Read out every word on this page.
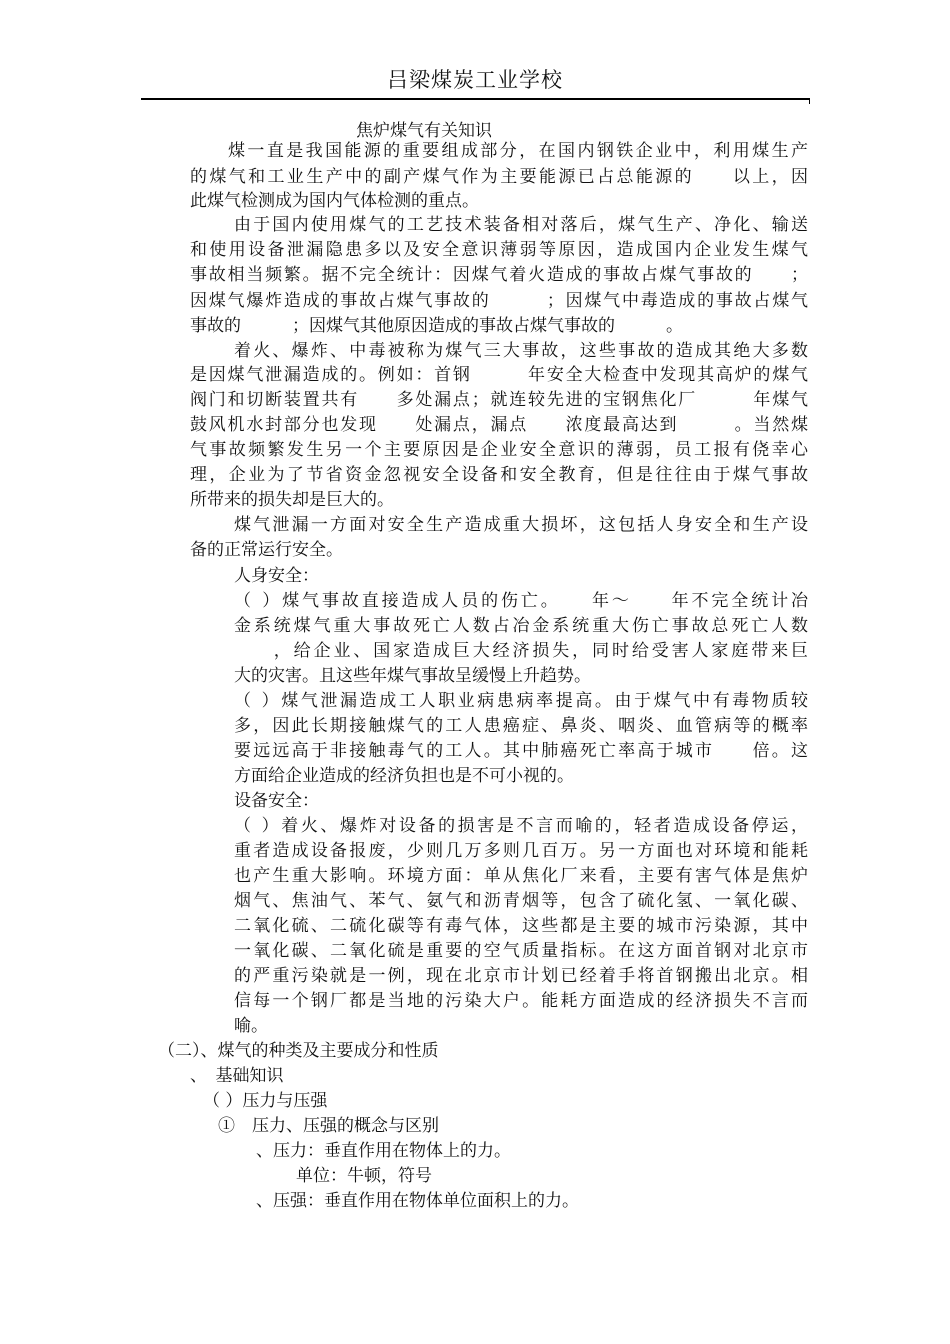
吕梁煤炭工业学校
焦炉煤气有关知识
煤一直是我国能源的重要组成部分，在国内钢铁企业中，利用煤生产
的煤气和工业生产中的副产煤气作为主要能源已占总能源的　　以上，因
此煤气检测成为国内气体检测的重点。
由于国内使用煤气的工艺技术装备相对落后，煤气生产、净化、输送
和使用设备泄漏隐患多以及安全意识薄弱等原因，造成国内企业发生煤气
事故相当频繁。据不完全统计：因煤气着火造成的事故占煤气事故的　　；
因煤气爆炸造成的事故占煤气事故的　　　；因煤气中毒造成的事故占煤气
事故的　　　；因煤气其他原因造成的事故占煤气事故的　　　。
着火、爆炸、中毒被称为煤气三大事故，这些事故的造成其绝大多数
是因煤气泄漏造成的。例如：首钢　　　年安全大检查中发现其高炉的煤气
阀门和切断装置共有　　多处漏点；就连较先进的宝钢焦化厂　　　年煤气
鼓风机水封部分也发现　　处漏点，漏点　　浓度最高达到　　　。当然煤
气事故频繁发生另一个主要原因是企业安全意识的薄弱，员工报有侥幸心
理，企业为了节省资金忽视安全设备和安全教育，但是往往由于煤气事故
所带来的损失却是巨大的。
煤气泄漏一方面对安全生产造成重大损坏，这包括人身安全和生产设
备的正常运行安全。
人身安全：
（ ）煤气事故直接造成人员的伤亡。　　年～　　年不完全统计冶
金系统煤气重大事故死亡人数占冶金系统重大伤亡事故总死亡人数
　　，给企业、国家造成巨大经济损失，同时给受害人家庭带来巨
大的灾害。且这些年煤气事故呈缓慢上升趋势。
（ ）煤气泄漏造成工人职业病患病率提高。由于煤气中有毒物质较
多，因此长期接触煤气的工人患癌症、鼻炎、咽炎、血管病等的概率
要远远高于非接触毒气的工人。其中肺癌死亡率高于城市　　倍。这
方面给企业造成的经济负担也是不可小视的。
设备安全：
（ ）着火、爆炸对设备的损害是不言而喻的，轻者造成设备停运，
重者造成设备报废，少则几万多则几百万。另一方面也对环境和能耗
也产生重大影响。环境方面：单从焦化厂来看，主要有害气体是焦炉
烟气、焦油气、苯气、氨气和沥青烟等，包含了硫化氢、一氧化碳、
二氧化硫、二硫化碳等有毒气体，这些都是主要的城市污染源，其中
一氧化碳、二氧化硫是重要的空气质量指标。在这方面首钢对北京市
的严重污染就是一例，现在北京市计划已经着手将首钢搬出北京。相
信每一个钢厂都是当地的污染大户。能耗方面造成的经济损失不言而
喻。
（二）、煤气的种类及主要成分和性质
、　基础知识
（ ）压力与压强
①　压力、压强的概念与区别
、压力：垂直作用在物体上的力。
单位：牛顿，符号
、压强：垂直作用在物体单位面积上的力。
